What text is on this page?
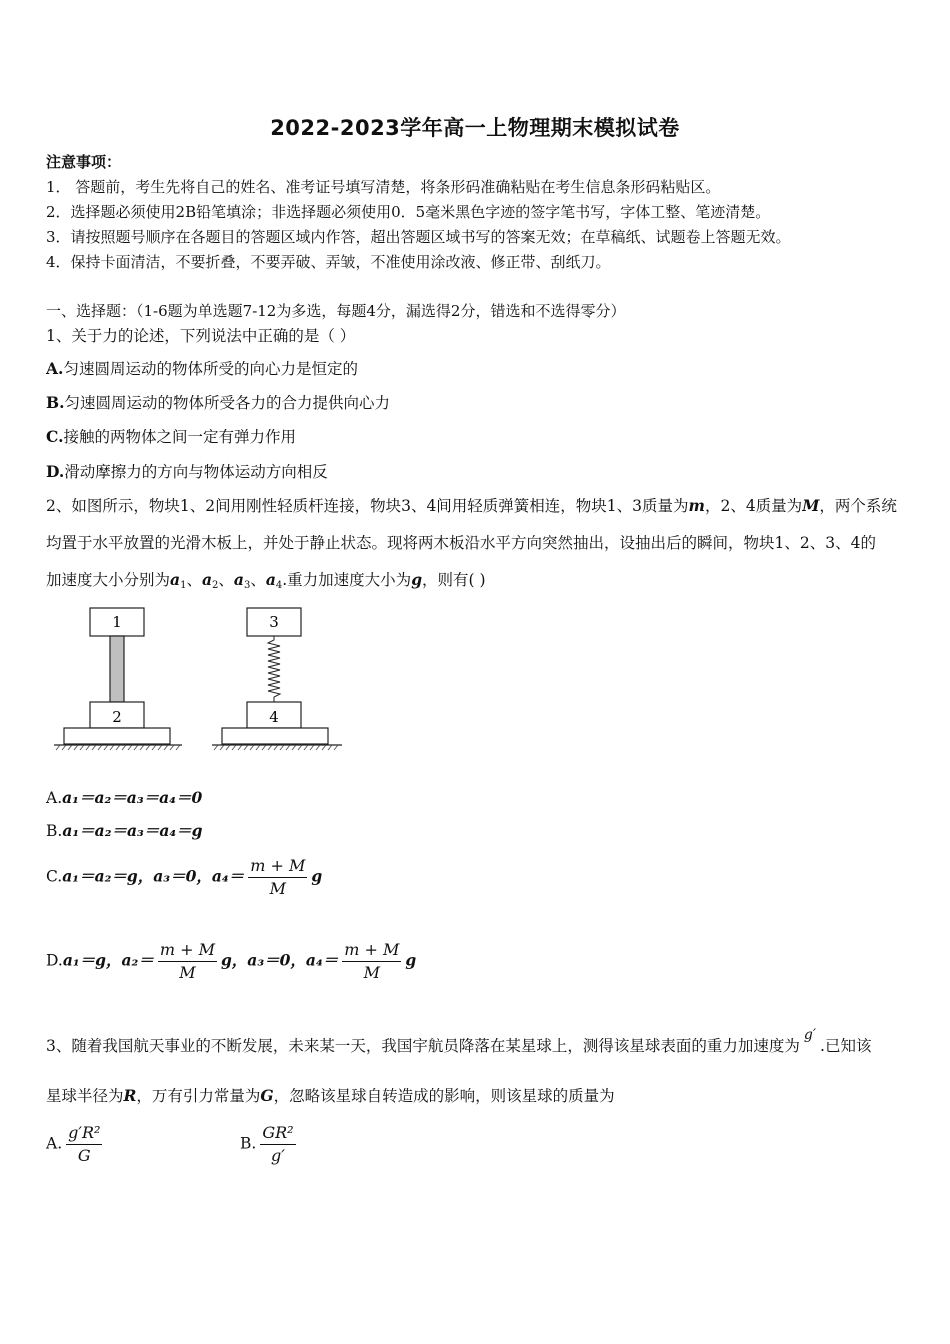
2022-2023学年高一上物理期末模拟试卷
注意事项：
1． 答题前，考生先将自己的姓名、准考证号填写清楚，将条形码准确粘贴在考生信息条形码粘贴区。
2．选择题必须使用2B铅笔填涂；非选择题必须使用0．5毫米黑色字迹的签字笔书写，字体工整、笔迹清楚。
3．请按照题号顺序在各题目的答题区域内作答，超出答题区域书写的答案无效；在草稿纸、试题卷上答题无效。
4．保持卡面清洁，不要折叠，不要弄破、弄皱，不准使用涂改液、修正带、刮纸刀。
一、选择题：（1-6题为单选题7-12为多选，每题4分，漏选得2分，错选和不选得零分）
1、关于力的论述，下列说法中正确的是（ ）
A.匀速圆周运动的物体所受的向心力是恒定的
B.匀速圆周运动的物体所受各力的合力提供向心力
C.接触的两物体之间一定有弹力作用
D.滑动摩擦力的方向与物体运动方向相反
2、如图所示，物块1、2间用刚性轻质杆连接，物块3、4间用轻质弹簧相连，物块1、3质量为m，2、4质量为M，两个系统
均置于水平放置的光滑木板上，并处于静止状态。现将两木板沿水平方向突然抽出，设抽出后的瞬间，物块1、2、3、4的
加速度大小分别为$a_1$、$a_2$、$a_3$、$a_4$.重力加速度大小为g，则有( )
1
2
3
4
A.a₁＝a₂＝a₃＝a₄＝0
B.a₁＝a₂＝a₃＝a₄＝g
C.a₁＝a₂＝g，a₃＝0，$a_4= \frac{m + M}{M}$ g
D.a₁＝g，$a_2= \frac{m + M}{M}$ g，a₃＝0，$a_4= \frac{m + M}{M}$ g
3、随着我国航天事业的不断发展，未来某一天，我国宇航员降落在某星球上，测得该星球表面的重力加速度为g′.已知该
星球半径为R，万有引力常量为G，忽略该星球自转造成的影响，则该星球的质量为
A. $\frac{\text{g′R²}}{G}$	B. $\frac{\text{GR²}}{g'}$
